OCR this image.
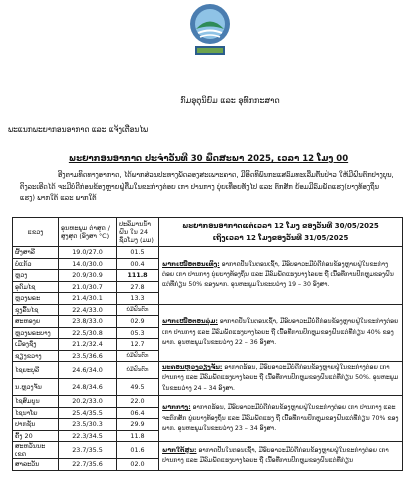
ກົມອຸຕຸນິຍົມ ແລະ ອຸທົກກະສາດ
ພະແນກພະຍາກອນອາກາດ ແລະ ແຈ້ງເຕືອນໄພ
ພະຍາກອນອາກາດ ປະຈໍາວັນທີ 30 ພຶດສະພາ 2025, ເວລາ 12 ໂມງ 00
ອີງຕາມທິດທາງອາກາດ, ໄດ້ພາກສ່ວນປະທາງພັດລອງສະເພາະຄາດ, ມີອິດທິພົນກະແສລົມທະເລີ່ມຕົ້ນປ່າວ ໃຫ້ມີຝົນຕົກປາງບຸນ, ຕິງລະເອີດໄດ້ ຈະມີບໍ່ດີກ່ອນຂ້ອງຫຼາຍຝູ່ຕື່ມໃນຂະກ່າງຕ່ອຍ ເກາ ປານກາງ ບຸ່ຍເທືອຍທັງໄປ ແລະ ຕົກສັກ ຍ້ອມມີລົມພັດແຮງ(ບາງທ້ອງຖິ່ນ ແຮງ) ພາກໃຕ້ ແລະ ພາກໃຕ້
ແຂວງ	ອຸນຫະພູມ ຕ່າສຸດ / ສູງສຸດ (ອົງສາ °C)	ປະລິມານນ້ຳຝົນ ໃນ 24 ຊົ່ວໂມງ (ມມ)	ພະຍາກອນອາກາດແຕ່ເວລາ 12 ໂມງ ຂອງວັນທີ 30/05/2025
ເຖິງເວລາ 12 ໂມງຂອງວັນທີ 31/05/2025

ຜົ້ງສາລີ	19.0/27.0	01.5	ພາກເໜືອຕອນເທິງ: ອາກາດປັ່ນໃນຕອນເຊົ້າ, ມີອົບອາວະມີບໍ່ດີກ່ອນຂ້ອງຫຼາຍຝູ່ໃນຂະກ່າງຕ່ອຍ ເກາ ປານກາງ ບຸ່ຍບາງທ້ອງຖິ່ນ ແລະ ມີລົມພັດແຮງບາງໄລຍະ ຖື ເນື້ອທີ່ການປົກຫຼຸມຂອງຝົນແຕ່ທີ່ກ່ຽນ 50% ຂອງພາກ. ອຸນຫະພູມໃນຂະບວ່າງ 19 – 30 ອົງສາ.
ບໍ່ແກ້ວ	14.0/30.0	00.4	
ຫຼວງ	20.9/30.9	111.8	
ອຸດົມໄຊ	21.0/30.7	27.8	
ຫຼວງພຣະ	21.4/30.1	13.3	
ຊຸງລື້ນໄຊ	22.4/33.0	ບໍ່ມີຝົນຕົກ	ພາກເໜືອຕອນລຸ່ມ: ອາກາດປັ່ນໃນຕອນເຊົ້າ, ມີອົບອາວະມີບໍ່ດີກ່ອນຂ້ອງຫຼາຍຝູ່ໃນຂະກ່າງຕ່ອຍ ເກາ ປານກາງ ແລະ ມີລົມພັດແຮງບາງໄລຍະ ຖື ເນື້ອທີ່ການປົກຫຼຸມຂອງຝົນແຕ່ທີ່ກ່ຽນ 40% ຂອງພາກ. ອຸນຫະພູມໃນຂະບວ່າງ 22 – 36 ອົງສາ.
ສະຫອງຍ	23.8/33.0	02.9	
ຫຼວງພຣະບາງ	22.5/30.8	05.3	
ເມືອງຊົ່ງ	21.2/32.4	12.7	
ຊຽງຂວາງ	23.5/36.6	ບໍ່ມີຝົນຕົກ	
ໄຊຍະບຸລີ	24.6/34.0	ບໍ່ມີຝົນຕົກ	ນະຄອນຫຼວງວຽງຈັນ: ອາກາດຮ້ອນ, ມີອົບອາວະມີບໍ່ດີກ່ອນຂ້ອງຫຼາຍຝູ່ໃນຂະກ່າງຕ່ອຍ ເກາ ປານກາງ ແລະ ມີລົມພັດແຮງບາງໄລຍະ ຖື ເນື້ອທີ່ການປົກຫຼຸມຂອງຝົນແຕ່ທີ່ກ່ຽນ 50%. ອຸນຫະພູມໃນຂະບວ່າງ 24 – 34 ອົງສາ.
ນ.ຫຼວງຈັນ	24.8/34.6	49.5	
ໄຊສົມບູນ	20.2/33.0	22.0	ພາກກາງ: ອາກາດຮ້ອນ, ມີອົບອາວະມີບໍ່ດີກ່ອນຂ້ອງຫຼາຍຝູ່ໃນຂະກ່າງຕ່ອຍ ເກາ ປານກາງ ແລະ ຈະຕົກສັກ ບູ່ຍບາງທ້ອງຖິ່ນ ແລະ ມີລົມພັດແຮງ ຖື ເນື້ອທີ່ການປົກຫຼຸມຂອງຝົນແຕ່ທີ່ກ່ຽນ 70% ຂອງພາກ. ອຸນຫະພູມໃນຂະບວ່າງ 23 – 34 ອົງສາ.
ໄຊນາໂຍ	25.4/35.5	06.4	
ປາກຊັນ	23.5/30.3	29.9	
ຄົ້ງ 20	22.3/34.5	11.8	
ສະຫວັນນະເຂດ	23.7/35.5	01.6	ພາກໃຕ້ສູນ: ອາກາດປັ່ນໃນຕອນເຊົ້າ, ມີອົບອາວະມີບໍ່ດີກ່ອນຂ້ອງຫຼາຍຝູ່ໃນຂະກ່າງຕ່ອຍ ເກາ ປານກາງ ແລະ ມີລົມພັດແຮງບາງໄລຍະ ຖື ເນື້ອທີ່ການປົກຫຼຸມຂອງຝົນແຕ່ທີ່ກ່ຽນ
ສາລະວັນ	22.7/35.6	02.0	
